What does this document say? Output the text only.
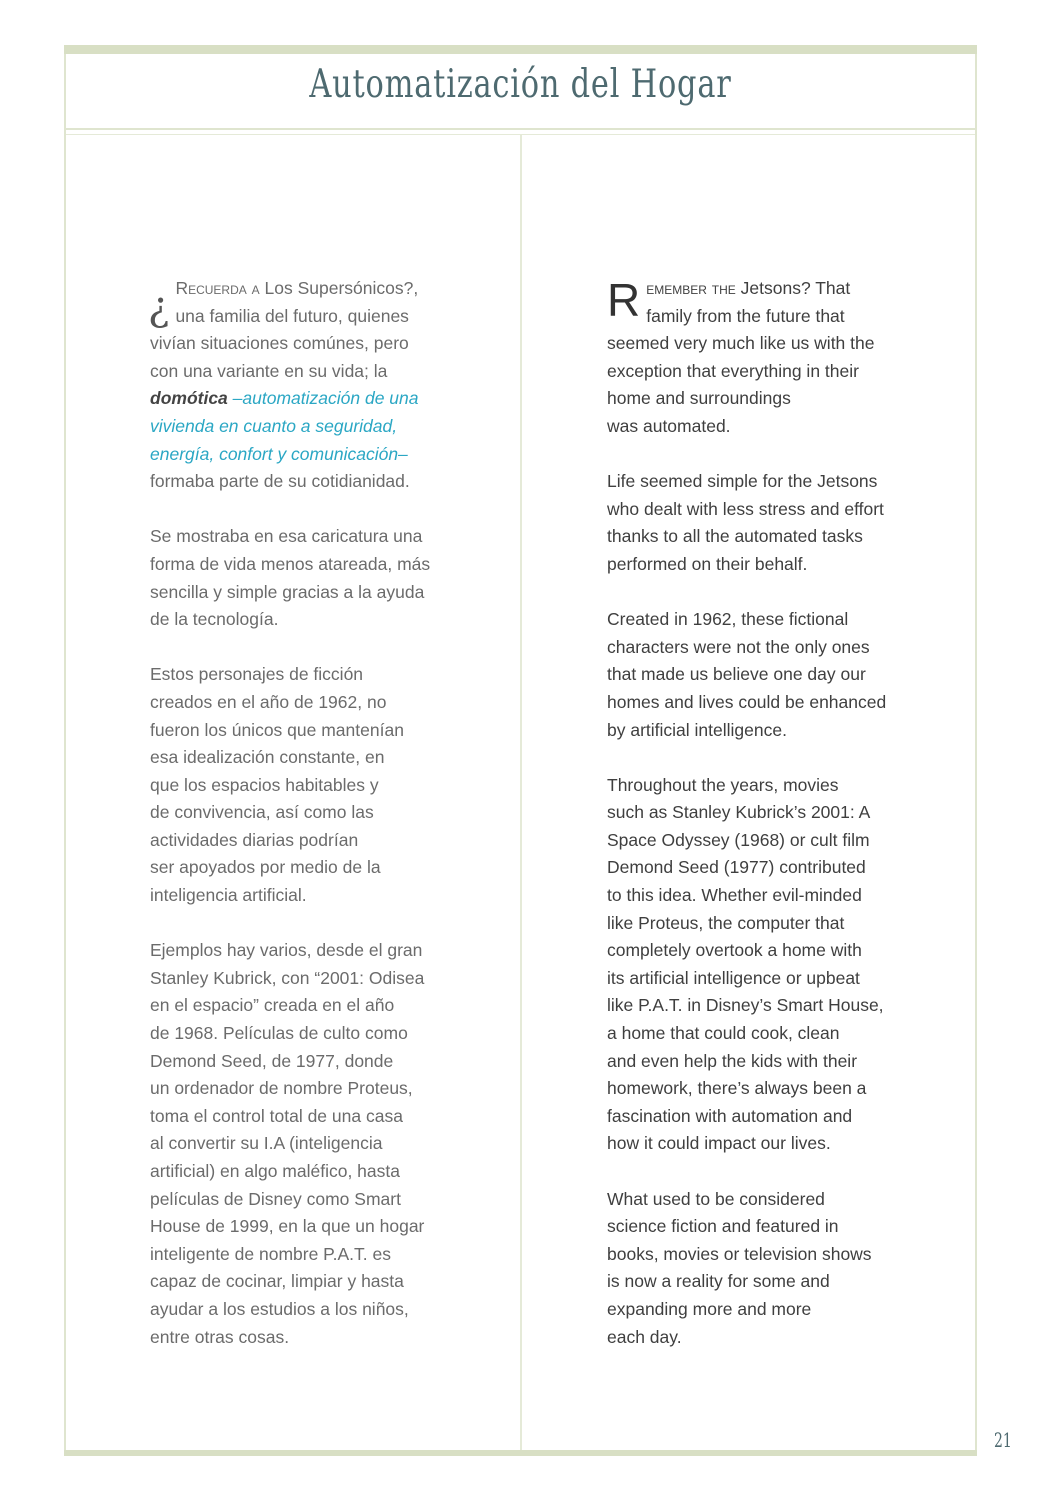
Automatización del Hogar
¿ Recuerda a Los Supersónicos?,
una familia del futuro, quienes
vivían situaciones comúnes, pero
con una variante en su vida; la
domótica –automatización de una
vivienda en cuanto a seguridad,
energía, confort y comunicación–
formaba parte de su cotidianidad.

Se mostraba en esa caricatura una
forma de vida menos atareada, más
sencilla y simple gracias a la ayuda
de la tecnología.

Estos personajes de ficción
creados en el año de 1962, no
fueron los únicos que mantenían
esa idealización constante, en
que los espacios habitables y
de convivencia, así como las
actividades diarias podrían
ser apoyados por medio de la
inteligencia artificial.

Ejemplos hay varios, desde el gran
Stanley Kubrick, con “2001: Odisea
en el espacio” creada en el año
de 1968. Películas de culto como
Demond Seed, de 1977, donde
un ordenador de nombre Proteus,
toma el control total de una casa
al convertir su I.A (inteligencia
artificial) en algo maléfico, hasta
películas de Disney como Smart
House de 1999, en la que un hogar
inteligente de nombre P.A.T. es
capaz de cocinar, limpiar y hasta
ayudar a los estudios a los niños,
entre otras cosas.

R emember the Jetsons? That
family from the future that
seemed very much like us with the
exception that everything in their
home and surroundings
was automated.

Life seemed simple for the Jetsons
who dealt with less stress and effort
thanks to all the automated tasks
performed on their behalf.

Created in 1962, these fictional
characters were not the only ones
that made us believe one day our
homes and lives could be enhanced
by artificial intelligence.

Throughout the years, movies
such as Stanley Kubrick’s 2001: A
Space Odyssey (1968) or cult film
Demond Seed (1977) contributed
to this idea. Whether evil-minded
like Proteus, the computer that
completely overtook a home with
its artificial intelligence or upbeat
like P.A.T. in Disney’s Smart House,
a home that could cook, clean
and even help the kids with their
homework, there’s always been a
fascination with automation and
how it could impact our lives.

What used to be considered
science fiction and featured in
books, movies or television shows
is now a reality for some and
expanding more and more
each day.

21
